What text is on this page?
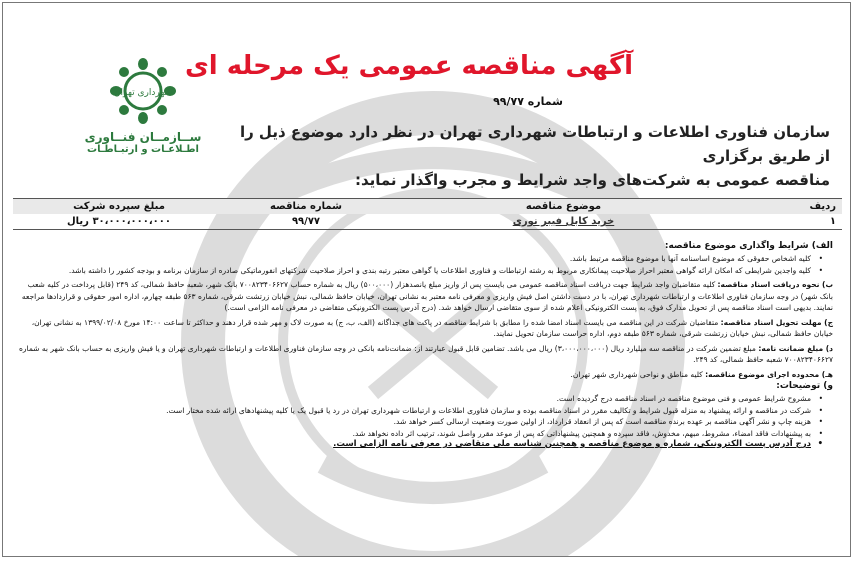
شهرداری تهران
ســازمــان فنــاوری
اطـلاعـات و ارتبـاطـات
آگهی مناقصه عمومی یک مرحله ای
شماره ۹۹/۷۷
سازمان فناوری اطلاعات و ارتباطات شهرداری تهران در نظر دارد موضوع ذیل را از طریق برگزاری
مناقصه عمومی به شرکت‌های واجد شرایط و مجرب واگذار نماید:
ردیف	موضوع مناقصه	شماره مناقصه	مبلغ سپرده شرکت
۱	خرید کابل فیبر نوری	۹۹/۷۷	۳۰،۰۰۰،۰۰۰،۰۰۰ ریال

الف) شرایط واگذاری موضوع مناقصه:

• کلیه اشخاص حقوقی که موضوع اساسنامه آنها با موضوع مناقصه مرتبط باشد.
• کلیه واجدین شرایطی که امکان ارائه گواهی معتبر احراز صلاحیت پیمانکاری مربوط به رشته ارتباطات و فناوری اطلاعات یا گواهی معتبر رتبه بندی و احراز صلاحیت شرکتهای انفورماتیکی صادره از سازمان برنامه و بودجه کشور را داشته باشد.

ب) نحوه دریافت اسناد مناقصه: کلیه متقاضیان واجد شرایط جهت دریافت اسناد مناقصه عمومی می بایست پس از واریز مبلغ یانصدهزار (۵۰۰،۰۰۰) ریال به شماره حساب ۷۰۰۸۲۳۴۰۶۶۲۷ بانک شهر، شعبه حافظ شمالی، کد ۲۴۹ (قابل پرداخت در کلیه شعب بانک شهر) در وجه سازمان فناوری اطلاعات و ارتباطات شهرداری تهران، با در دست داشتن اصل فیش واریزی و معرفی نامه معتبر به نشانی تهران، خیابان حافظ شمالی، نبش خیابان زرتشت شرقی، شماره ۵۶۳ طبقه چهارم، اداره امور حقوقی و قراردادها مراجعه نمایند. بدیهی است اسناد مناقصه پس از تحویل مدارک فوق، به پست الکترونیکی اعلام شده از سوی متقاضی ارسال خواهد شد. (درج آدرس پست الکترونیکی متقاضی در معرفی نامه الزامی است.)

ج) مهلت تحویل اسناد مناقصه: متقاضیان شرکت در این مناقصه می بایست اسناد امضا شده را مطابق با شرایط مناقصه در پاکت های جداگانه (الف، ب، ج) به صورت لاک و مهر شده قرار دهند و حداکثر تا ساعت ۱۴:۰۰ مورخ ۱۳۹۹/۰۲/۰۸ به نشانی تهران، خیابان حافظ شمالی، نبش خیابان زرتشت شرقی، شماره ۵۶۳ طبقه دوم، اداره حراست سازمان تحویل نمایند.

د) مبلغ ضمانت نامه: مبلغ تضمین شرکت در مناقصه سه میلیارد ریال (۳،۰۰۰،۰۰۰،۰۰۰) ریال می باشد. تضامین قابل قبول عبارتند از: ضمانت‌نامه بانکی در وجه سازمان فناوری اطلاعات و ارتباطات شهرداری تهران و یا فیش واریزی به حساب بانک شهر به شماره ۷۰۰۸۲۳۴۰۶۶۲۷ شعبه حافظ شمالی، کد ۲۴۹.

هـ) محدوده اجرای موضوع مناقصه: کلیه مناطق و نواحی شهرداری شهر تهران.

و) توضیحات:

• مشروح شرایط عمومی و فنی موضوع مناقصه در اسناد مناقصه درج گردیده است.
• شرکت در مناقصه و ارائه پیشنهاد به منزله قبول شرایط و تکالیف مقرر در اسناد مناقصه بوده و سازمان فناوری اطلاعات و ارتباطات شهرداری تهران در رد یا قبول یک یا کلیه پیشنهادهای ارائه شده مختار است.
• هزینه چاپ و نشر آگهی مناقصه بر عهده برنده مناقصه است که پس از انعقاد قرارداد، از اولین صورت وضعیت ارسالی کسر خواهد شد.
• به پیشنهادات فاقد امضاء، مشروط، مبهم، مخدوش، فاقد سپرده و همچنین پیشنهاداتی که پس از موعد مقرر واصل شوند، ترتیب اثر داده نخواهد شد.
• درج آدرس پست الکترونیکی، شماره و موضوع مناقصه و همچنین شناسه ملی متقاضی در معرفی نامه الزامی است.
